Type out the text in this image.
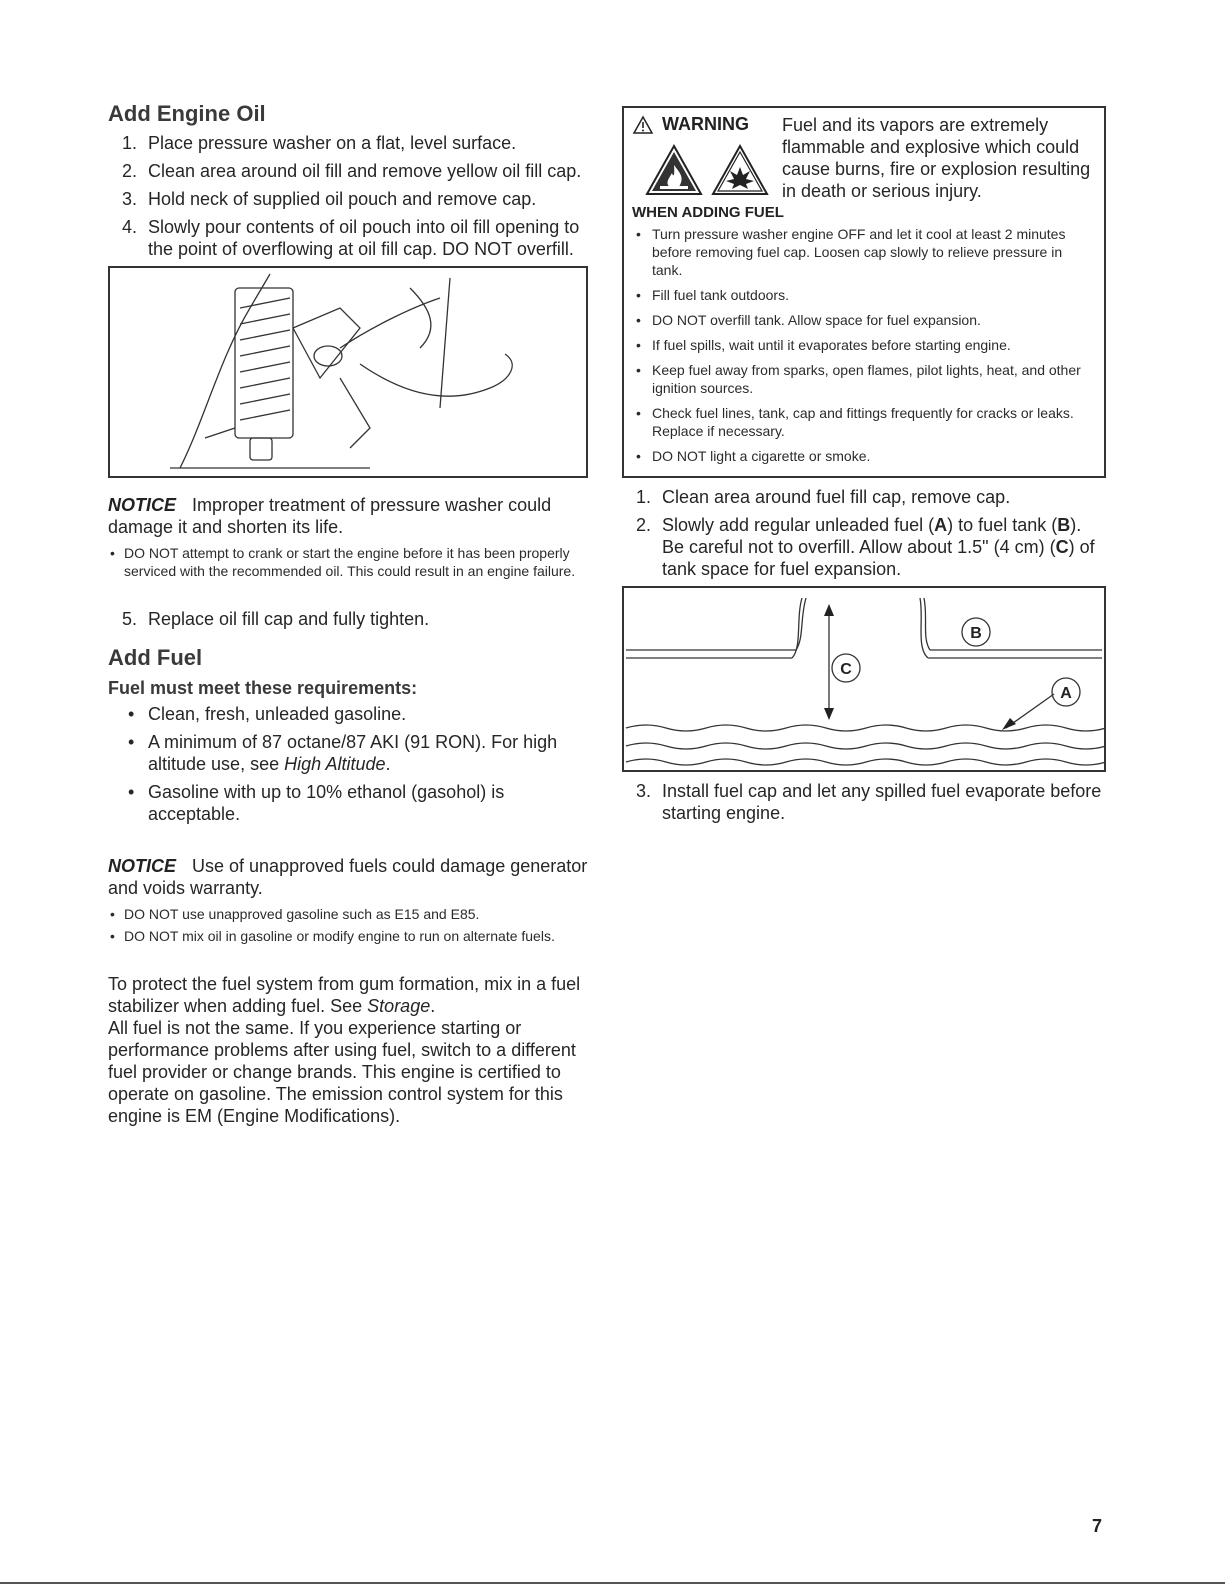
Add Engine Oil
1. Place pressure washer on a flat, level surface.
2. Clean area around oil fill and remove yellow oil fill cap.
3. Hold neck of supplied oil pouch and remove cap.
4. Slowly pour contents of oil pouch into oil fill opening to the point of overflowing at oil fill cap. DO NOT overfill.
NOTICE Improper treatment of pressure washer could damage it and shorten its life.
• DO NOT attempt to crank or start the engine before it has been properly serviced with the recommended oil. This could result in an engine failure.
5. Replace oil fill cap and fully tighten.
Add Fuel
Fuel must meet these requirements:
• Clean, fresh, unleaded gasoline.
• A minimum of 87 octane/87 AKI (91 RON). For high altitude use, see High Altitude.
• Gasoline with up to 10% ethanol (gasohol) is acceptable.
NOTICE Use of unapproved fuels could damage generator and voids warranty.
• DO NOT use unapproved gasoline such as E15 and E85.
• DO NOT mix oil in gasoline or modify engine to run on alternate fuels.
To protect the fuel system from gum formation, mix in a fuel stabilizer when adding fuel. See Storage.
All fuel is not the same. If you experience starting or performance problems after using fuel, switch to a different fuel provider or change brands. This engine is certified to operate on gasoline. The emission control system for this engine is EM (Engine Modifications).
WARNING Fuel and its vapors are extremely flammable and explosive which could cause burns, fire or explosion resulting in death or serious injury.
WHEN ADDING FUEL
• Turn pressure washer engine OFF and let it cool at least 2 minutes before removing fuel cap. Loosen cap slowly to relieve pressure in tank.
• Fill fuel tank outdoors.
• DO NOT overfill tank. Allow space for fuel expansion.
• If fuel spills, wait until it evaporates before starting engine.
• Keep fuel away from sparks, open flames, pilot lights, heat, and other ignition sources.
• Check fuel lines, tank, cap and fittings frequently for cracks or leaks. Replace if necessary.
• DO NOT light a cigarette or smoke.
1. Clean area around fuel fill cap, remove cap.
2. Slowly add regular unleaded fuel (A) to fuel tank (B). Be careful not to overfill. Allow about 1.5" (4 cm) (C) of tank space for fuel expansion.
C
B
A
3. Install fuel cap and let any spilled fuel evaporate before starting engine.
7
